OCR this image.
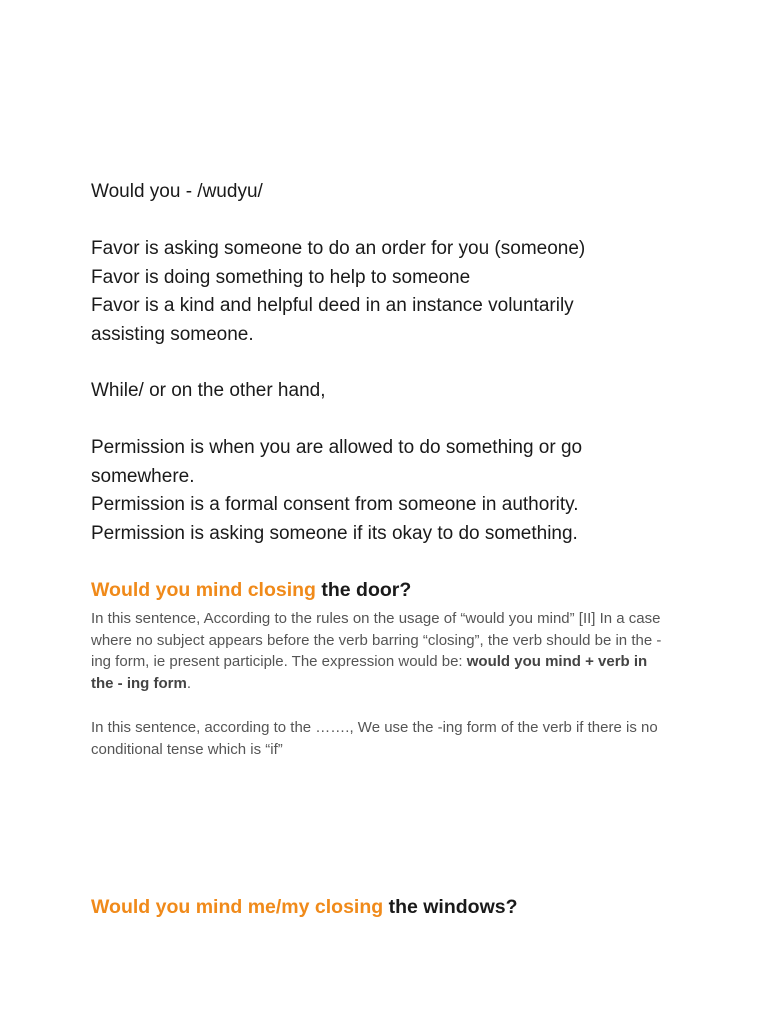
Would you - /wudyu/

Favor is asking someone to do an order for you (someone)

Favor is doing something to help to someone

Favor is a kind and helpful deed in an instance voluntarily assisting someone.

While/ or on the other hand,

Permission is when you are allowed to do something or go somewhere.

Permission is a formal consent from someone in authority.

Permission is asking someone if its okay to do something.

Would you mind closing the door?

In this sentence, According to the rules on the usage of “would you mind” [II] In a case where no subject appears before the verb barring “closing”, the verb should be in the -ing form, ie present participle. The expression would be: would you mind + verb in the - ing form.

In this sentence, according to the ……., We use the -ing form of the verb if there is no conditional tense which is “if”

Would you mind me/my closing the windows?
